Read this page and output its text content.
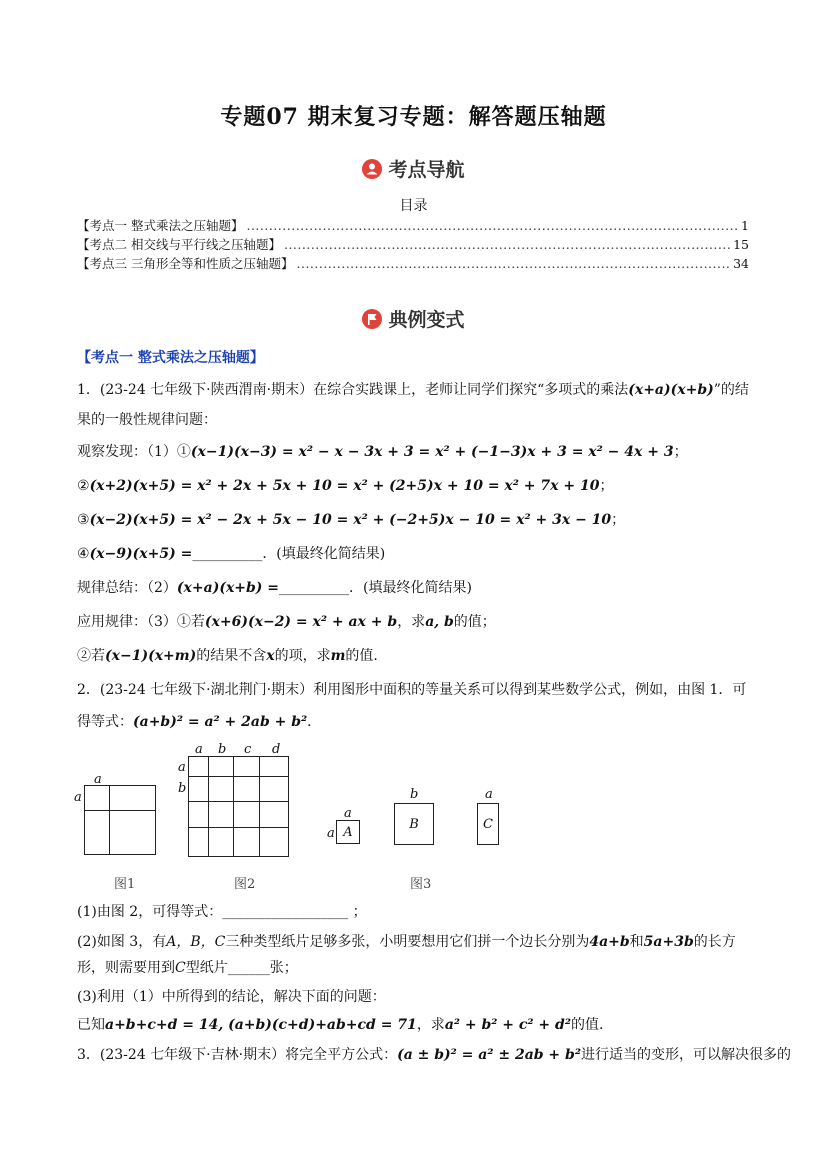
专题07 期末复习专题：解答题压轴题
考点导航
目录
【考点一 整式乘法之压轴题】 .....	1
【考点二 相交线与平行线之压轴题】 .....	15
【考点三 三角形全等和性质之压轴题】 .....	34
典例变式
【考点一 整式乘法之压轴题】
1．(23-24 七年级下·陕西渭南·期末）在综合实践课上，老师让同学们探究“多项式的乘法(x+a)(x+b)”的结
果的一般性规律问题：
观察发现：（1）①(x−1)(x−3) = x² − x − 3x + 3 = x² + (−1−3)x + 3 = x² − 4x + 3；
②(x+2)(x+5) = x² + 2x + 5x + 10 = x² + (2+5)x + 10 = x² + 7x + 10；
③(x−2)(x+5) = x² − 2x + 5x − 10 = x² + (−2+5)x − 10 = x² + 3x − 10；
④(x−9)(x+5) =__________．(填最终化简结果)
规律总结：（2）(x+a)(x+b) =__________．(填最终化简结果)
应用规律：（3）①若(x+6)(x−2) = x² + ax + b，求a, b的值；
②若(x−1)(x+m)的结果不含x的项，求m的值.
2．(23-24 七年级下·湖北荆门·期末）利用图形中面积的等量关系可以得到某些数学公式，例如，由图 1．可
得等式：(a+b)² = a² + 2ab + b²．
a
a
图1
a b c d
a
b
图2
a
a A
b
B
a
C
图3
(1)由图 2，可得等式：__________________ ；
(2)如图 3，有A，B，C三种类型纸片足够多张，小明要想用它们拼一个边长分别为4a+b和5a+3b的长方
形，则需要用到C型纸片______张；
(3)利用（1）中所得到的结论，解决下面的问题：
已知a+b+c+d = 14, (a+b)(c+d)+ab+cd = 71，求a² + b² + c² + d²的值.
3．(23-24 七年级下·吉林·期末）将完全平方公式：(a ± b)² = a² ± 2ab + b²进行适当的变形，可以解决很多的
